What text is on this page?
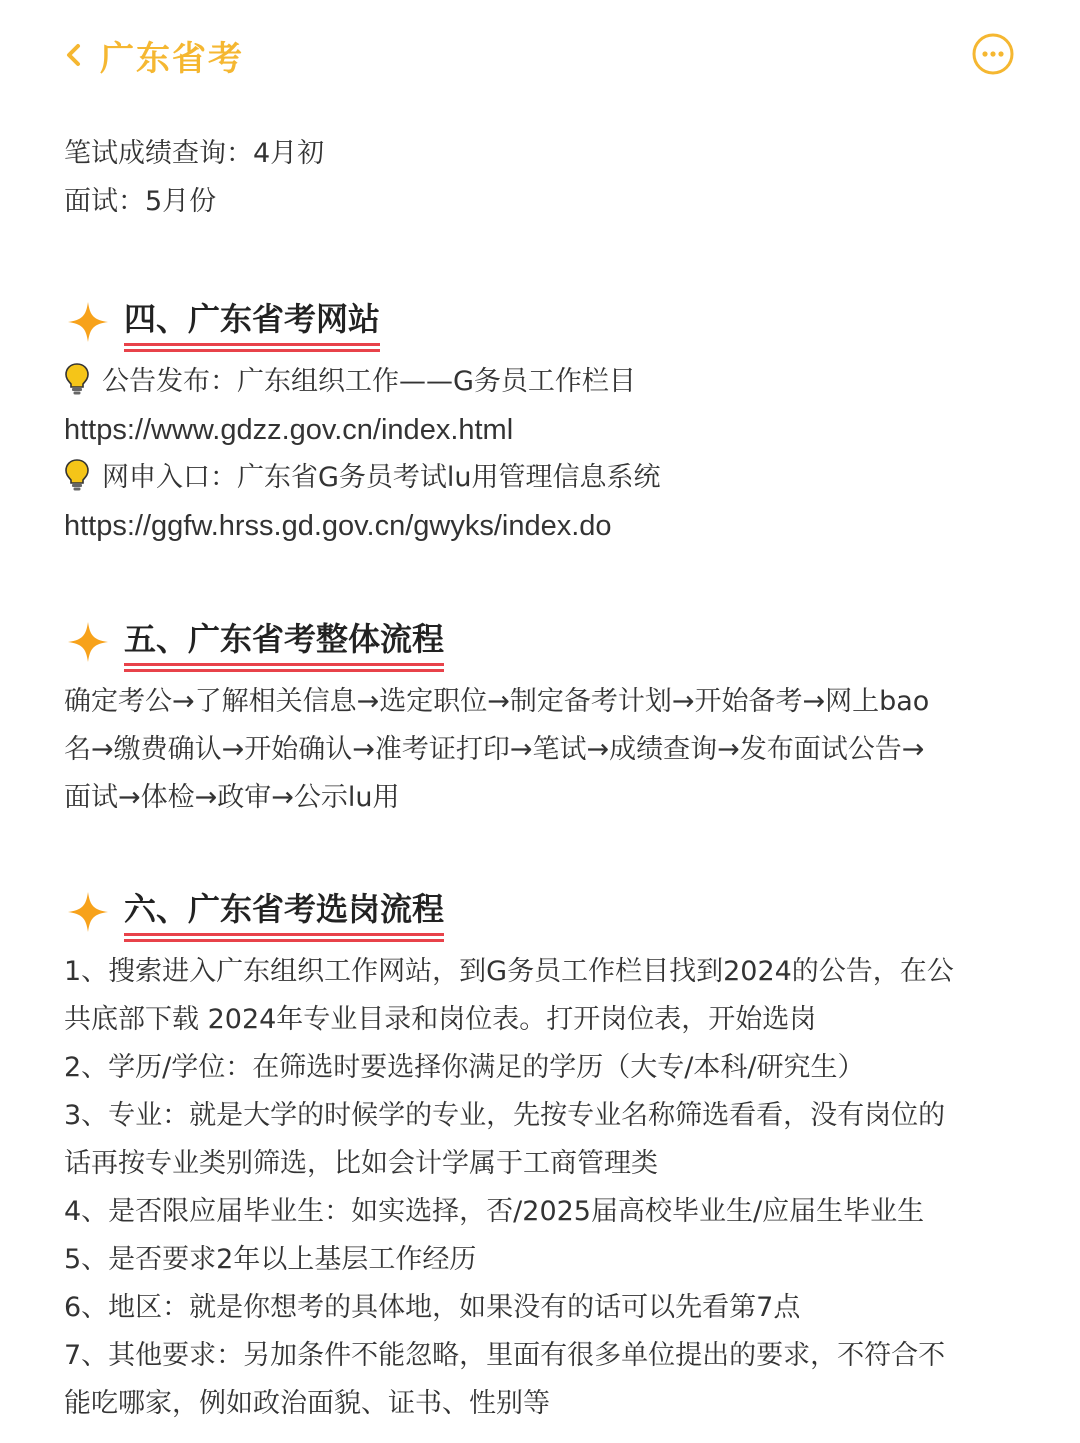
广东省考
笔试成绩查询：4月初
面试：5月份
四、广东省考网站
公告发布：广东组织工作——G务员工作栏目
https://www.gdzz.gov.cn/index.html
网申入口：广东省G务员考试lu用管理信息系统
https://ggfw.hrss.gd.gov.cn/gwyks/index.do
五、广东省考整体流程
确定考公→了解相关信息→选定职位→制定备考计划→开始备考→网上bao
名→缴费确认→开始确认→准考证打印→笔试→成绩查询→发布面试公告→
面试→体检→政审→公示lu用
六、广东省考选岗流程
1、搜索进入广东组织工作网站，到G务员工作栏目找到2024的公告，在公
共底部下载 2024年专业目录和岗位表。打开岗位表，开始选岗
2、学历/学位：在筛选时要选择你满足的学历（大专/本科/研究生）
3、专业：就是大学的时候学的专业，先按专业名称筛选看看，没有岗位的
话再按专业类别筛选，比如会计学属于工商管理类
4、是否限应届毕业生：如实选择，否/2025届高校毕业生/应届生毕业生
5、是否要求2年以上基层工作经历
6、地区：就是你想考的具体地，如果没有的话可以先看第7点
7、其他要求：另加条件不能忽略，里面有很多单位提出的要求，不符合不
能吃哪家，例如政治面貌、证书、性别等
